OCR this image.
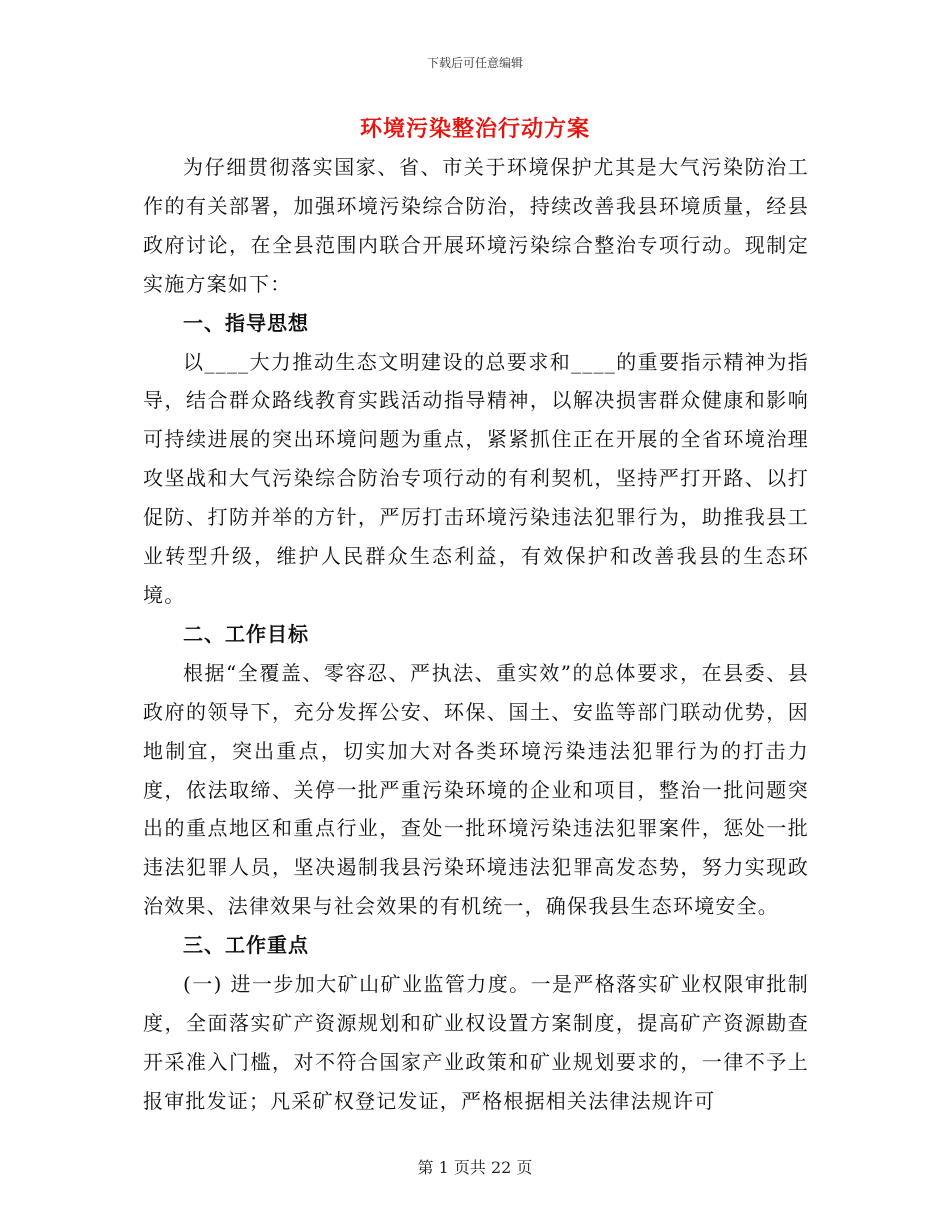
下载后可任意编辑
环境污染整治行动方案

为仔细贯彻落实国家、省、市关于环境保护尤其是大气污染防治工作的有关部署，加强环境污染综合防治，持续改善我县环境质量，经县政府讨论，在全县范围内联合开展环境污染综合整治专项行动。现制定实施方案如下：

一、指导思想

以____大力推动生态文明建设的总要求和____的重要指示精神为指导，结合群众路线教育实践活动指导精神，以解决损害群众健康和影响可持续进展的突出环境问题为重点，紧紧抓住正在开展的全省环境治理攻坚战和大气污染综合防治专项行动的有利契机，坚持严打开路、以打促防、打防并举的方针，严厉打击环境污染违法犯罪行为，助推我县工业转型升级，维护人民群众生态利益，有效保护和改善我县的生态环境。

二、工作目标

根据“全覆盖、零容忍、严执法、重实效”的总体要求，在县委、县政府的领导下，充分发挥公安、环保、国土、安监等部门联动优势，因地制宜，突出重点，切实加大对各类环境污染违法犯罪行为的打击力度，依法取缔、关停一批严重污染环境的企业和项目，整治一批问题突出的重点地区和重点行业，查处一批环境污染违法犯罪案件，惩处一批违法犯罪人员，坚决遏制我县污染环境违法犯罪高发态势，努力实现政治效果、法律效果与社会效果的有机统一，确保我县生态环境安全。

三、工作重点

(一) 进一步加大矿山矿业监管力度。一是严格落实矿业权限审批制度，全面落实矿产资源规划和矿业权设置方案制度，提高矿产资源勘查开采准入门槛，对不符合国家产业政策和矿业规划要求的，一律不予上报审批发证；凡采矿权登记发证，严格根据相关法律法规许可

第 1 页共 22 页
